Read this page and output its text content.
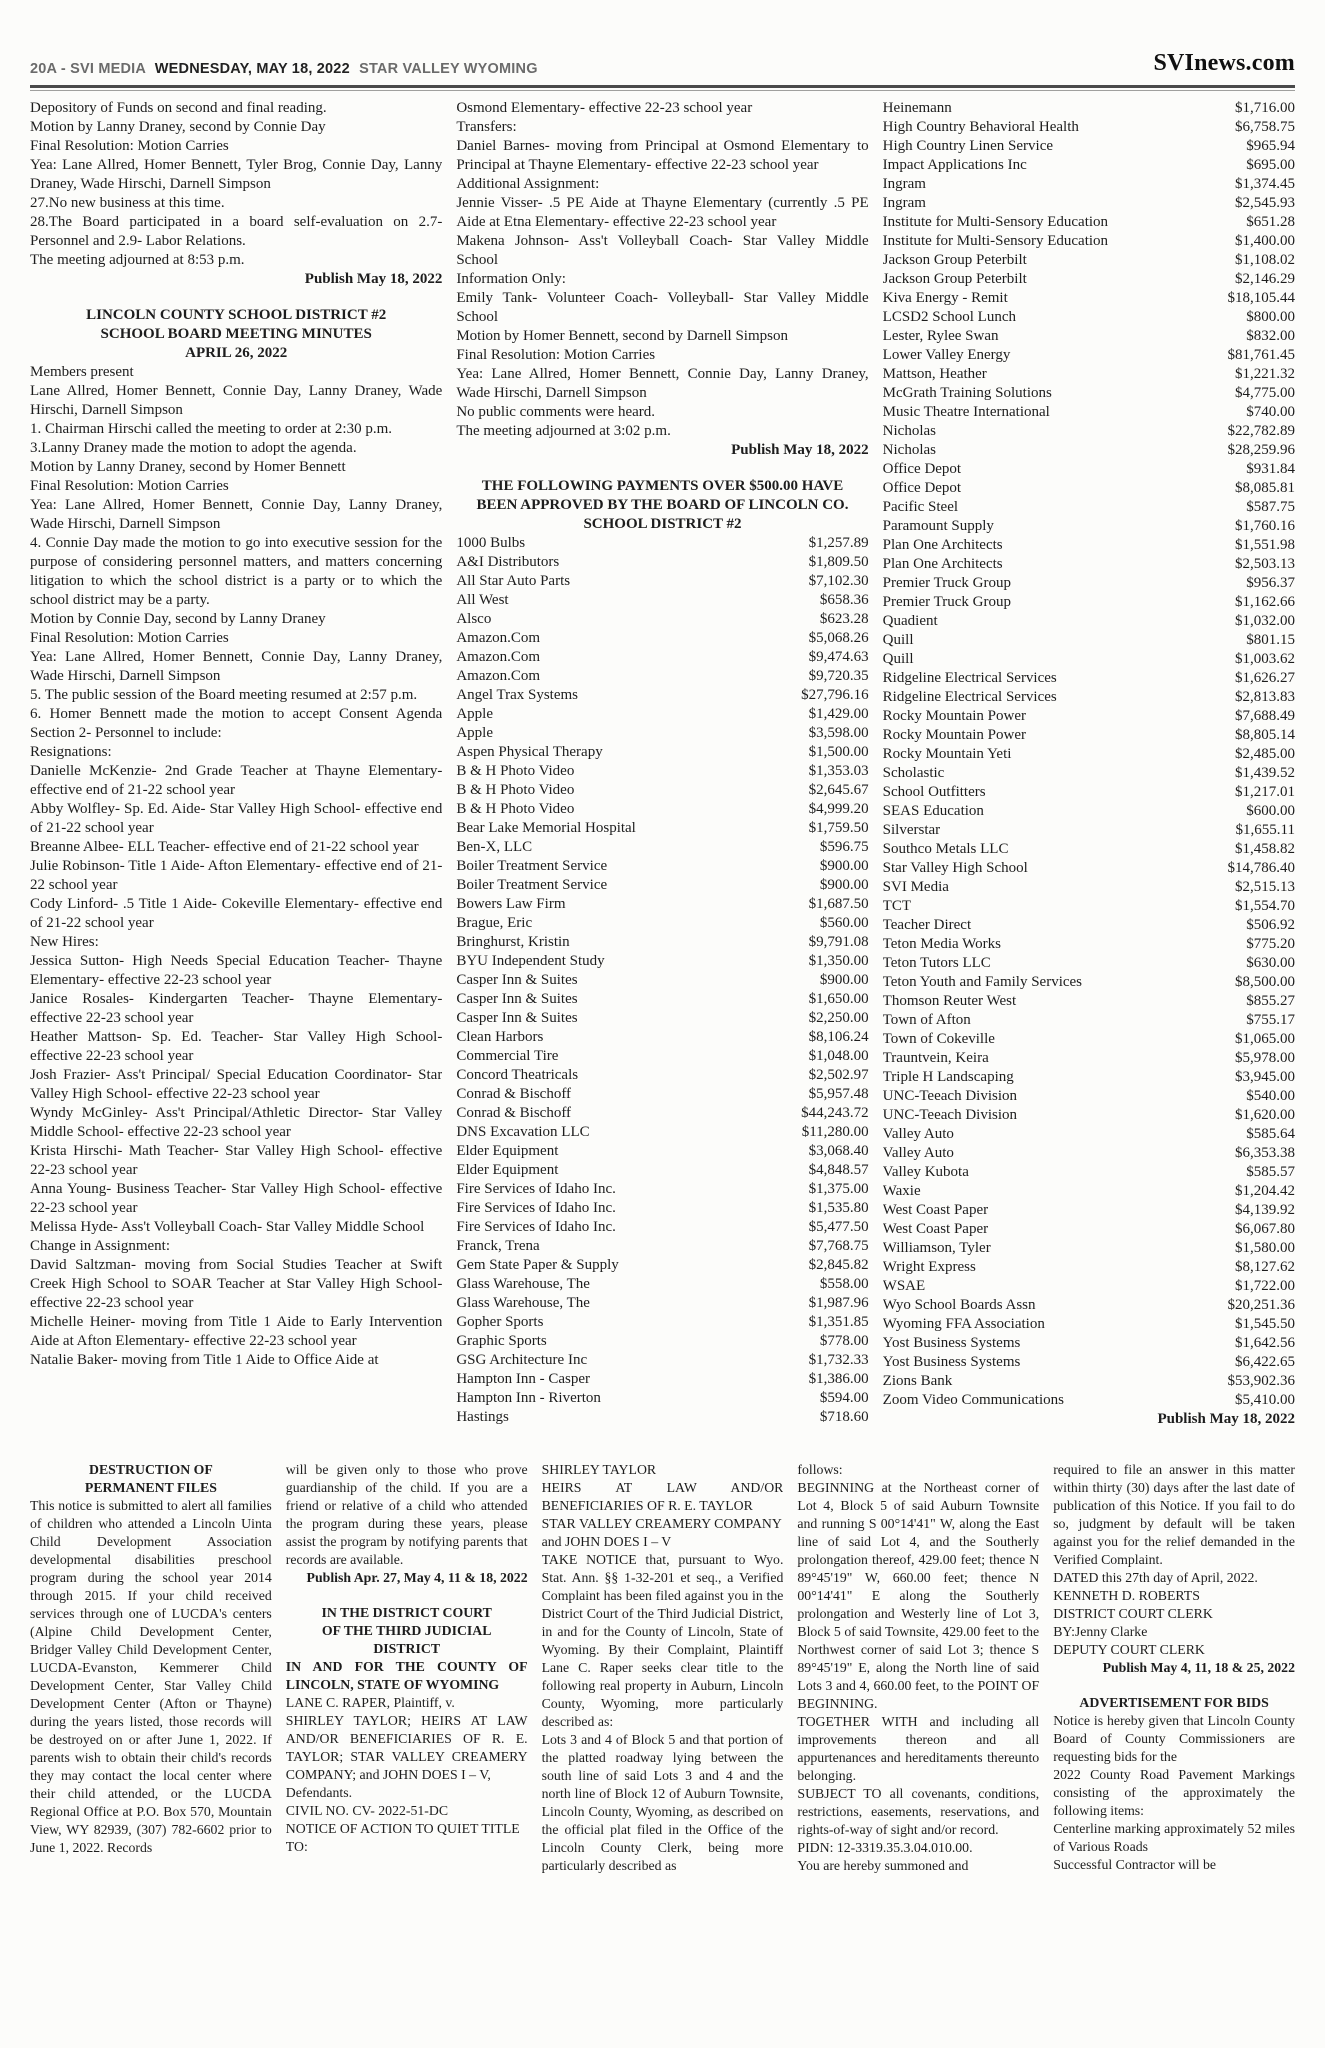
20A - SVI MEDIA WEDNESDAY, MAY 18, 2022 STAR VALLEY WYOMING	SVInews.com
Depository of Funds on second and final reading.
Motion by Lanny Draney, second by Connie Day
Final Resolution: Motion Carries
Yea: Lane Allred, Homer Bennett, Tyler Brog, Connie Day, Lanny Draney, Wade Hirschi, Darnell Simpson
27.No new business at this time.
28.The Board participated in a board self-evaluation on 2.7- Personnel and 2.9- Labor Relations.
The meeting adjourned at 8:53 p.m.
Publish May 18, 2022
LINCOLN COUNTY SCHOOL DISTRICT #2
SCHOOL BOARD MEETING MINUTES
APRIL 26, 2022
Members present
Lane Allred, Homer Bennett, Connie Day, Lanny Draney, Wade Hirschi, Darnell Simpson
1. Chairman Hirschi called the meeting to order at 2:30 p.m.
3.Lanny Draney made the motion to adopt the agenda.
Motion by Lanny Draney, second by Homer Bennett
Final Resolution: Motion Carries
Yea: Lane Allred, Homer Bennett, Connie Day, Lanny Draney, Wade Hirschi, Darnell Simpson
4. Connie Day made the motion to go into executive session for the purpose of considering personnel matters, and matters concerning litigation to which the school district is a party or to which the school district may be a party.
Motion by Connie Day, second by Lanny Draney
Final Resolution: Motion Carries
Yea: Lane Allred, Homer Bennett, Connie Day, Lanny Draney, Wade Hirschi, Darnell Simpson
5. The public session of the Board meeting resumed at 2:57 p.m.
6. Homer Bennett made the motion to accept Consent Agenda Section 2- Personnel to include:
Resignations:
Danielle McKenzie- 2nd Grade Teacher at Thayne Elementary- effective end of 21-22 school year
Abby Wolfley- Sp. Ed. Aide- Star Valley High School- effective end of 21-22 school year
Breanne Albee- ELL Teacher- effective end of 21-22 school year
Julie Robinson- Title 1 Aide- Afton Elementary- effective end of 21-22 school year
Cody Linford- .5 Title 1 Aide- Cokeville Elementary- effective end of 21-22 school year
New Hires:
Jessica Sutton- High Needs Special Education Teacher- Thayne Elementary- effective 22-23 school year
Janice Rosales- Kindergarten Teacher- Thayne Elementary- effective 22-23 school year
Heather Mattson- Sp. Ed. Teacher- Star Valley High School- effective 22-23 school year
Josh Frazier- Ass't Principal/ Special Education Coordinator- Star Valley High School- effective 22-23 school year
Wyndy McGinley- Ass't Principal/Athletic Director- Star Valley Middle School- effective 22-23 school year
Krista Hirschi- Math Teacher- Star Valley High School- effective 22-23 school year
Anna Young- Business Teacher- Star Valley High School- effective 22-23 school year
Melissa Hyde- Ass't Volleyball Coach- Star Valley Middle School
Change in Assignment:
David Saltzman- moving from Social Studies Teacher at Swift Creek High School to SOAR Teacher at Star Valley High School- effective 22-23 school year
Michelle Heiner- moving from Title 1 Aide to Early Intervention Aide at Afton Elementary- effective 22-23 school year
Natalie Baker- moving from Title 1 Aide to Office Aide at
Osmond Elementary- effective 22-23 school year
Transfers:
Daniel Barnes- moving from Principal at Osmond Elementary to Principal at Thayne Elementary- effective 22-23 school year
Additional Assignment:
Jennie Visser- .5 PE Aide at Thayne Elementary (currently .5 PE Aide at Etna Elementary- effective 22-23 school year
Makena Johnson- Ass't Volleyball Coach- Star Valley Middle School
Information Only:
Emily Tank- Volunteer Coach- Volleyball- Star Valley Middle School
Motion by Homer Bennett, second by Darnell Simpson
Final Resolution: Motion Carries
Yea: Lane Allred, Homer Bennett, Connie Day, Lanny Draney, Wade Hirschi, Darnell Simpson
No public comments were heard.
The meeting adjourned at 3:02 p.m.
Publish May 18, 2022
THE FOLLOWING PAYMENTS OVER $500.00 HAVE
BEEN APPROVED BY THE BOARD OF LINCOLN CO.
SCHOOL DISTRICT #2
1000 Bulbs	$1,257.89
A&I Distributors	$1,809.50
All Star Auto Parts	$7,102.30
All West	$658.36
Alsco	$623.28
Amazon.Com	$5,068.26
Amazon.Com	$9,474.63
Amazon.Com	$9,720.35
Angel Trax Systems	$27,796.16
Apple	$1,429.00
Apple	$3,598.00
Aspen Physical Therapy	$1,500.00
B & H Photo Video	$1,353.03
B & H Photo Video	$2,645.67
B & H Photo Video	$4,999.20
Bear Lake Memorial Hospital	$1,759.50
Ben-X, LLC	$596.75
Boiler Treatment Service	$900.00
Boiler Treatment Service	$900.00
Bowers Law Firm	$1,687.50
Brague, Eric	$560.00
Bringhurst, Kristin	$9,791.08
BYU Independent Study	$1,350.00
Casper Inn & Suites	$900.00
Casper Inn & Suites	$1,650.00
Casper Inn & Suites	$2,250.00
Clean Harbors	$8,106.24
Commercial Tire	$1,048.00
Concord Theatricals	$2,502.97
Conrad & Bischoff	$5,957.48
Conrad & Bischoff	$44,243.72
DNS Excavation LLC	$11,280.00
Elder Equipment	$3,068.40
Elder Equipment	$4,848.57
Fire Services of Idaho Inc.	$1,375.00
Fire Services of Idaho Inc.	$1,535.80
Fire Services of Idaho Inc.	$5,477.50
Franck, Trena	$7,768.75
Gem State Paper & Supply	$2,845.82
Glass Warehouse, The	$558.00
Glass Warehouse, The	$1,987.96
Gopher Sports	$1,351.85
Graphic Sports	$778.00
GSG Architecture Inc	$1,732.33
Hampton Inn - Casper	$1,386.00
Hampton Inn - Riverton	$594.00
Hastings	$718.60
Heinemann	$1,716.00
High Country Behavioral Health	$6,758.75
High Country Linen Service	$965.94
Impact Applications Inc	$695.00
Ingram	$1,374.45
Ingram	$2,545.93
Institute for Multi-Sensory Education	$651.28
Institute for Multi-Sensory Education	$1,400.00
Jackson Group Peterbilt	$1,108.02
Jackson Group Peterbilt	$2,146.29
Kiva Energy - Remit	$18,105.44
LCSD2 School Lunch	$800.00
Lester, Rylee Swan	$832.00
Lower Valley Energy	$81,761.45
Mattson, Heather	$1,221.32
McGrath Training Solutions	$4,775.00
Music Theatre International	$740.00
Nicholas	$22,782.89
Nicholas	$28,259.96
Office Depot	$931.84
Office Depot	$8,085.81
Pacific Steel	$587.75
Paramount Supply	$1,760.16
Plan One Architects	$1,551.98
Plan One Architects	$2,503.13
Premier Truck Group	$956.37
Premier Truck Group	$1,162.66
Quadient	$1,032.00
Quill	$801.15
Quill	$1,003.62
Ridgeline Electrical Services	$1,626.27
Ridgeline Electrical Services	$2,813.83
Rocky Mountain Power	$7,688.49
Rocky Mountain Power	$8,805.14
Rocky Mountain Yeti	$2,485.00
Scholastic	$1,439.52
School Outfitters	$1,217.01
SEAS Education	$600.00
Silverstar	$1,655.11
Southco Metals LLC	$1,458.82
Star Valley High School	$14,786.40
SVI Media	$2,515.13
TCT	$1,554.70
Teacher Direct	$506.92
Teton Media Works	$775.20
Teton Tutors LLC	$630.00
Teton Youth and Family Services	$8,500.00
Thomson Reuter West	$855.27
Town of Afton	$755.17
Town of Cokeville	$1,065.00
Trauntvein, Keira	$5,978.00
Triple H Landscaping	$3,945.00
UNC-Teeach Division	$540.00
UNC-Teeach Division	$1,620.00
Valley Auto	$585.64
Valley Auto	$6,353.38
Valley Kubota	$585.57
Waxie	$1,204.42
West Coast Paper	$4,139.92
West Coast Paper	$6,067.80
Williamson, Tyler	$1,580.00
Wright Express	$8,127.62
WSAE	$1,722.00
Wyo School Boards Assn	$20,251.36
Wyoming FFA Association	$1,545.50
Yost Business Systems	$1,642.56
Yost Business Systems	$6,422.65
Zions Bank	$53,902.36
Zoom Video Communications	$5,410.00
Publish May 18, 2022
DESTRUCTION OF
PERMANENT FILES
This notice is submitted to alert all families of children who attended a Lincoln Uinta Child Development Association developmental disabilities preschool program during the school year 2014 through 2015. If your child received services through one of LUCDA's centers (Alpine Child Development Center, Bridger Valley Child Development Center, LUCDA-Evanston, Kemmerer Child Development Center, Star Valley Child Development Center (Afton or Thayne) during the years listed, those records will be destroyed on or after June 1, 2022. If parents wish to obtain their child's records they may contact the local center where their child attended, or the LUCDA Regional Office at P.O. Box 570, Mountain View, WY 82939, (307) 782-6602 prior to June 1, 2022. Records
will be given only to those who prove guardianship of the child. If you are a friend or relative of a child who attended the program during these years, please assist the program by notifying parents that records are available.
Publish Apr. 27, May 4, 11 & 18, 2022
IN THE DISTRICT COURT
OF THE THIRD JUDICIAL
DISTRICT
IN AND FOR THE COUNTY OF LINCOLN, STATE OF WYOMING
LANE C. RAPER, Plaintiff, v.
SHIRLEY TAYLOR; HEIRS AT LAW AND/OR BENEFICIARIES OF R. E. TAYLOR; STAR VALLEY CREAMERY COMPANY; and JOHN DOES I – V,
Defendants.
CIVIL NO. CV- 2022-51-DC
NOTICE OF ACTION TO QUIET TITLE
TO:
SHIRLEY TAYLOR
HEIRS AT LAW AND/OR BENEFICIARIES OF R. E. TAYLOR
STAR VALLEY CREAMERY COMPANY
and JOHN DOES I – V
TAKE NOTICE that, pursuant to Wyo. Stat. Ann. §§ 1-32-201 et seq., a Verified Complaint has been filed against you in the District Court of the Third Judicial District, in and for the County of Lincoln, State of Wyoming. By their Complaint, Plaintiff Lane C. Raper seeks clear title to the following real property in Auburn, Lincoln County, Wyoming, more particularly described as:
Lots 3 and 4 of Block 5 and that portion of the platted roadway lying between the south line of said Lots 3 and 4 and the north line of Block 12 of Auburn Townsite, Lincoln County, Wyoming, as described on the official plat filed in the Office of the Lincoln County Clerk, being more particularly described as
follows:
BEGINNING at the Northeast corner of Lot 4, Block 5 of said Auburn Townsite and running S 00°14'41" W, along the East line of said Lot 4, and the Southerly prolongation thereof, 429.00 feet; thence N 89°45'19" W, 660.00 feet; thence N 00°14'41" E along the Southerly prolongation and Westerly line of Lot 3, Block 5 of said Townsite, 429.00 feet to the Northwest corner of said Lot 3; thence S 89°45'19" E, along the North line of said Lots 3 and 4, 660.00 feet, to the POINT OF BEGINNING.
TOGETHER WITH and including all improvements thereon and all appurtenances and hereditaments thereunto belonging.
SUBJECT TO all covenants, conditions, restrictions, easements, reservations, and rights-of-way of sight and/or record.
PIDN: 12-3319.35.3.04.010.00.
You are hereby summoned and
required to file an answer in this matter within thirty (30) days after the last date of publication of this Notice. If you fail to do so, judgment by default will be taken against you for the relief demanded in the Verified Complaint.
DATED this 27th day of April, 2022.
KENNETH D. ROBERTS
DISTRICT COURT CLERK
BY:Jenny Clarke
DEPUTY COURT CLERK
Publish May 4, 11, 18 & 25, 2022
ADVERTISEMENT FOR BIDS
Notice is hereby given that Lincoln County Board of County Commissioners are requesting bids for the
2022 County Road Pavement Markings consisting of the approximately the following items:
Centerline marking approximately 52 miles of Various Roads
Successful Contractor will be
